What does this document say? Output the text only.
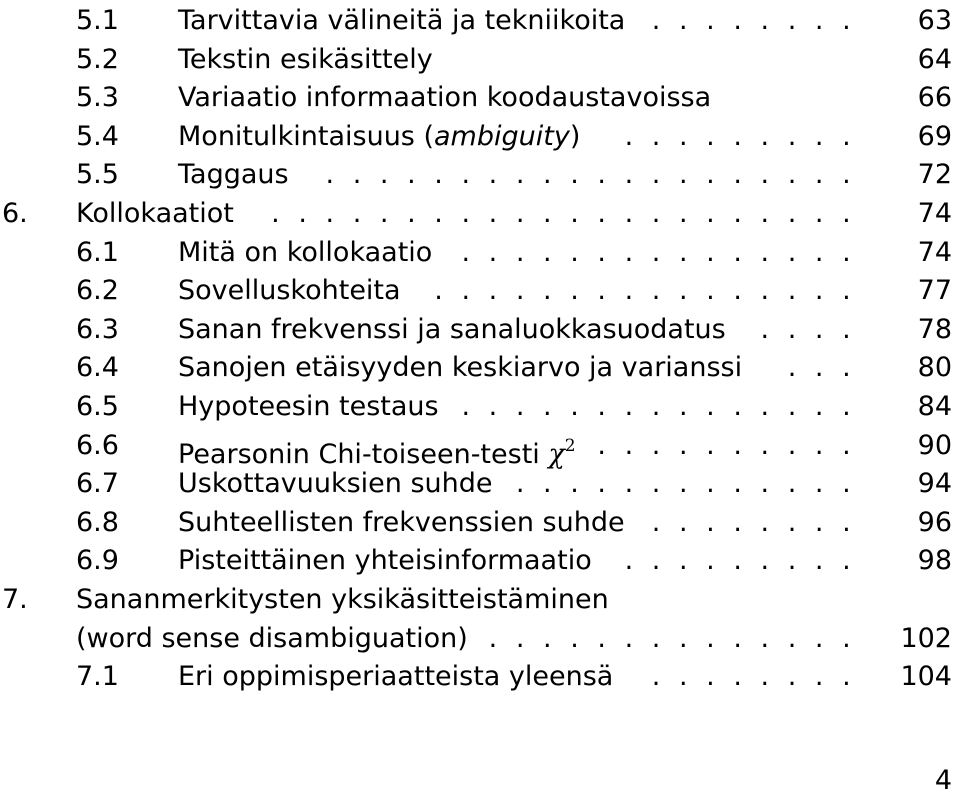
5.1 Tarvittavia välineitä ja tekniikoita . . . . . . . .	63
5.2 Tekstin esikäsittely	64
5.3 Variaatio informaation koodaustavoissa	66
5.4 Monitulkintaisuus (ambiguity)	. . . . . . . . .	69
5.5 Taggaus	. . . . . . . . . . . . . . . . . . . .	72
6. Kollokaatiot	. . . . . . . . . . . . . . . . . . . . . .	74
6.1 Mitä on kollokaatio	. . . . . . . . . . . . . . .	74
6.2 Sovelluskohteita	. . . . . . . . . . . . . . . .	77
6.3 Sanan frekvenssi ja sanaluokkasuodatus	. . . .	78
6.4 Sanojen etäisyyden keskiarvo ja varianssi	. . .	80
6.5 Hypoteesin testaus . . . . . . . . . . . . . . .	84
6.6 Pearsonin Chi-toiseen-testi $\chi^2$ . . . . . . . . . .	90
6.7 Uskottavuuksien suhde . . . . . . . . . . . . .	94
6.8 Suhteellisten frekvenssien suhde	. . . . . . . .	96
6.9 Pisteittäinen yhteisinformaatio	. . . . . . . . .	98
7. Sananmerkitysten yksikäsitteistäminen
(word sense disambiguation) . . . . . . . . . . . . . .	102
7.1 Eri oppimisperiaatteista yleensä	. . . . . . . .	104
4
